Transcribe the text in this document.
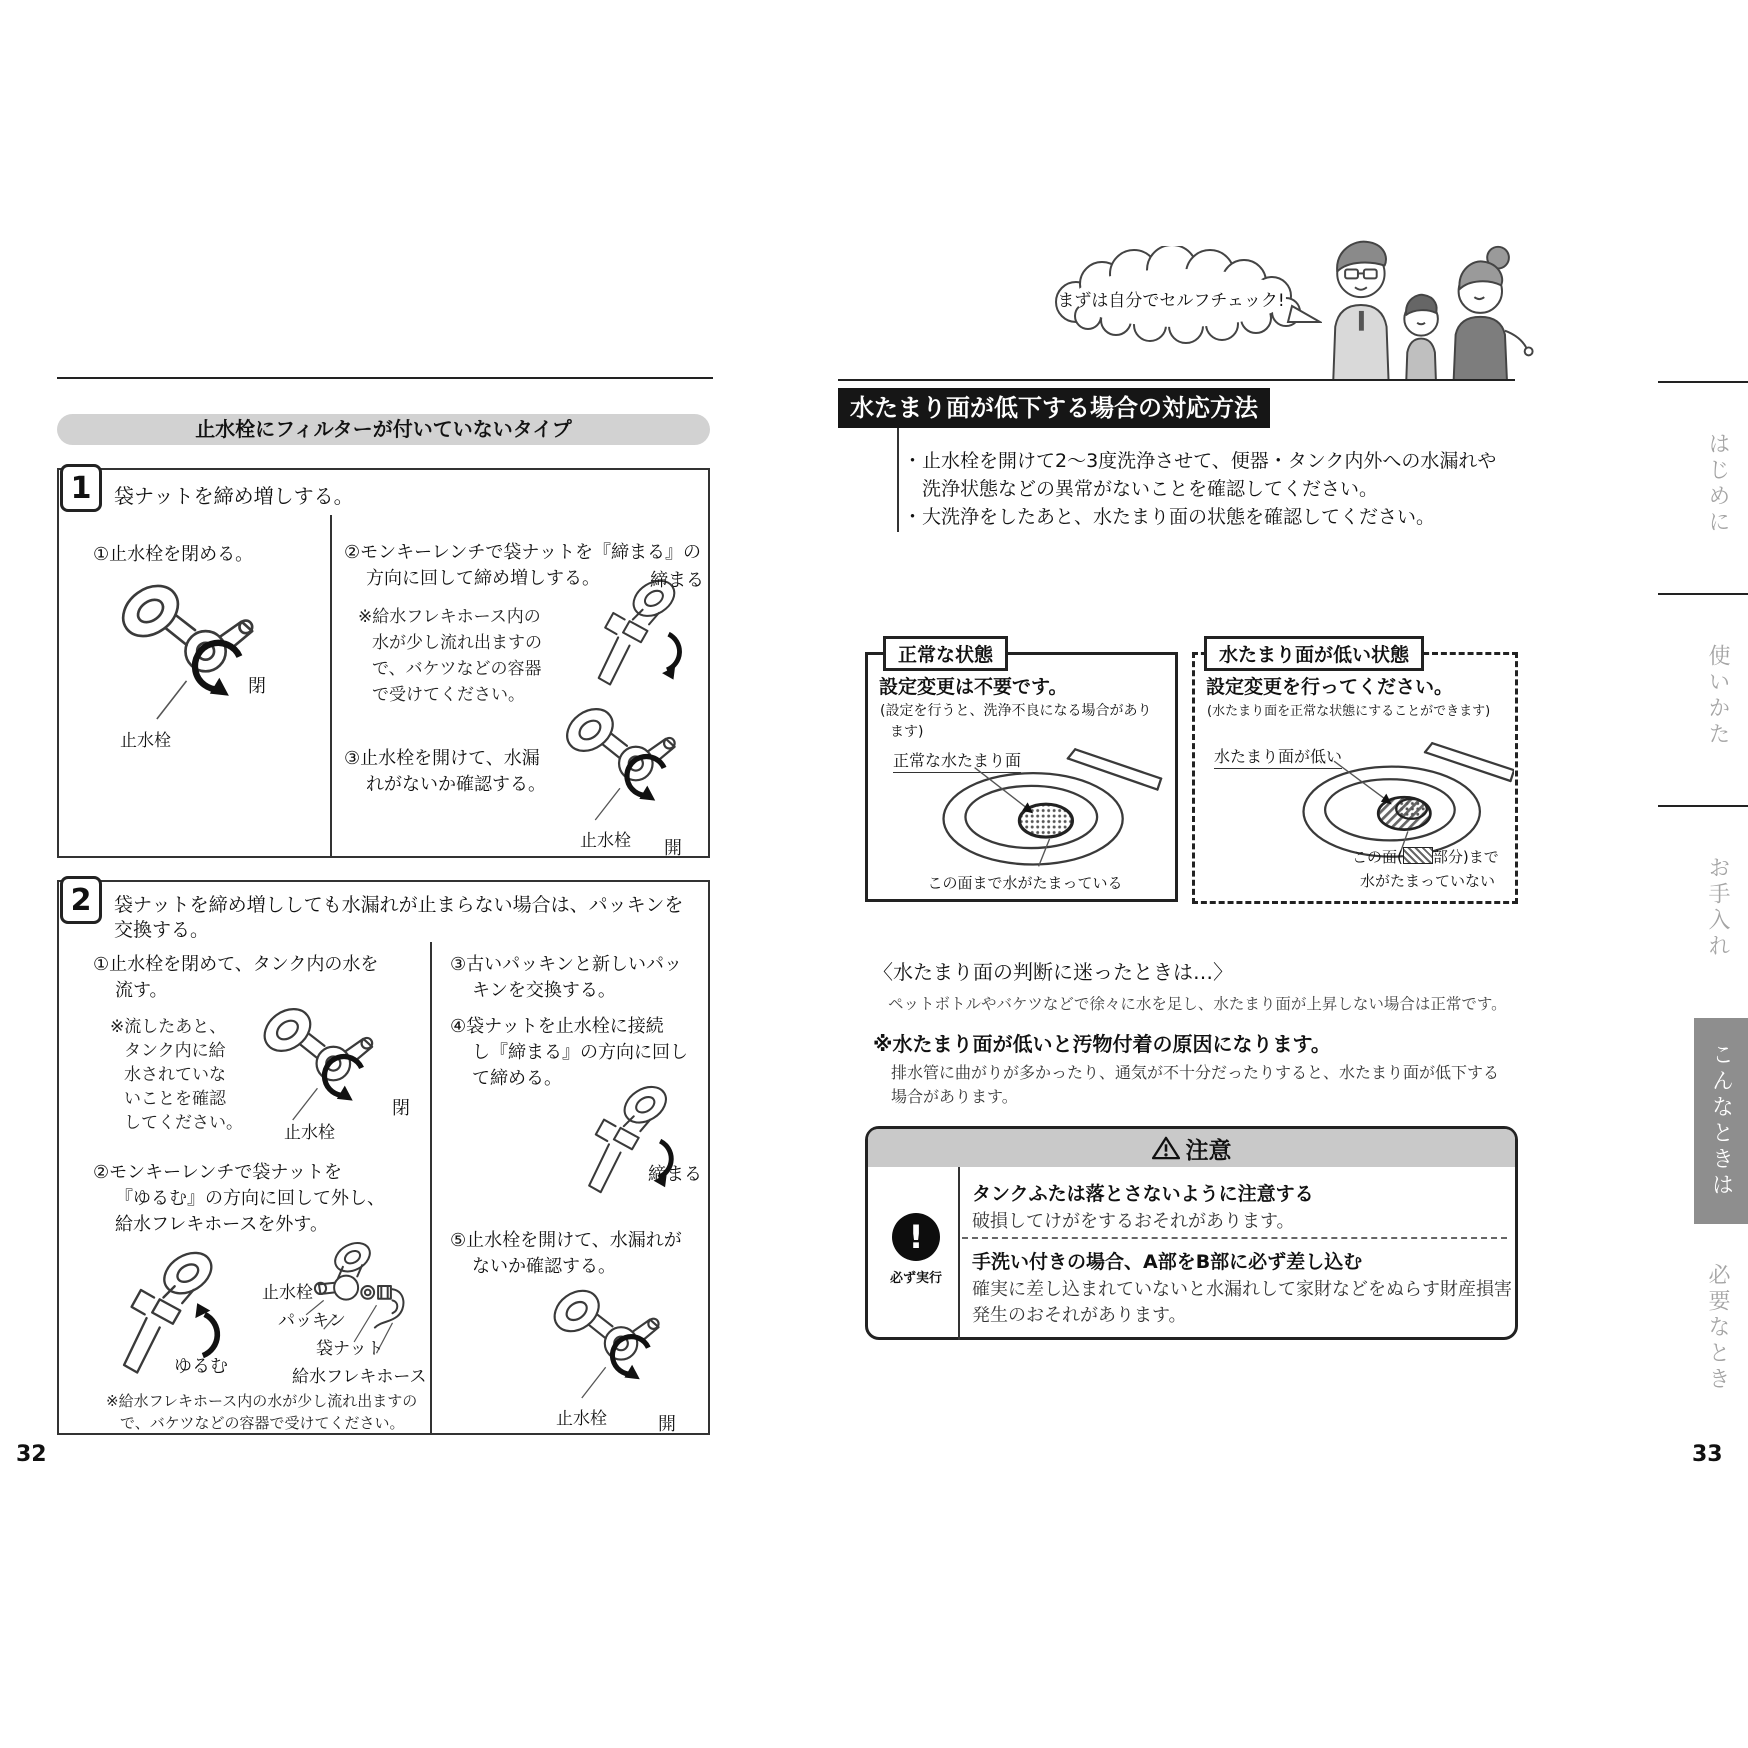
まずは自分でセルフチェック!
止水栓にフィルターが付いていないタイプ
1	袋ナットを締め増しする。
①止水栓を閉める。
止水栓
閉
②モンキーレンチで袋ナットを『締まる』の
方向に回して締め増しする。
※給水フレキホース内の
水が少し流れ出ますの
で、バケツなどの容器
で受けてください。
締まる
③止水栓を開けて、水漏
れがないか確認する。
止水栓 開
2	袋ナットを締め増ししても水漏れが止まらない場合は、パッキンを
交換する。
①止水栓を閉めて、タンク内の水を
流す。
※流したあと、
タンク内に給
水されていな
いことを確認
してください。 止水栓
閉
②モンキーレンチで袋ナットを
『ゆるむ』の方向に回して外し、
給水フレキホースを外す。
ゆるむ
止水栓
パッキン
袋ナット
給水フレキホース
※給水フレキホース内の水が少し流れ出ますの
で、バケツなどの容器で受けてください。
③古いパッキンと新しいパッ
キンを交換する。
④袋ナットを止水栓に接続
し『締まる』の方向に回し
て締める。
締まる
⑤止水栓を開けて、水漏れが
ないか確認する。
止水栓	開
32
水たまり面が低下する場合の対応方法
・止水栓を開けて2〜3度洗浄させて、便器・タンク内外への水漏れや
洗浄状態などの異常がないことを確認してください。
・大洗浄をしたあと、水たまり面の状態を確認してください。
正常な状態
設定変更は不要です。
(設定を行うと、洗浄不良になる場合があり
ます)
正常な水たまり面
この面まで水がたまっている
水たまり面が低い状態
設定変更を行ってください。
(水たまり面を正常な状態にすることができます)
水たまり面が低い
この面( 部分)まで
水がたまっていない
〈水たまり面の判断に迷ったときは…〉
ペットボトルやバケツなどで徐々に水を足し、水たまり面が上昇しない場合は正常です。
※水たまり面が低いと汚物付着の原因になります。
排水管に曲がりが多かったり、通気が不十分だったりすると、水たまり面が低下する
場合があります。
注意
!
必ず実行
タンクふたは落とさないように注意する
破損してけがをするおそれがあります。
手洗い付きの場合、A部をB部に必ず差し込む
確実に差し込まれていないと水漏れして家財などをぬらす財産損害
発生のおそれがあります。
33
はじめに
使いかた
お手入れ
こんなときは
必要なとき
